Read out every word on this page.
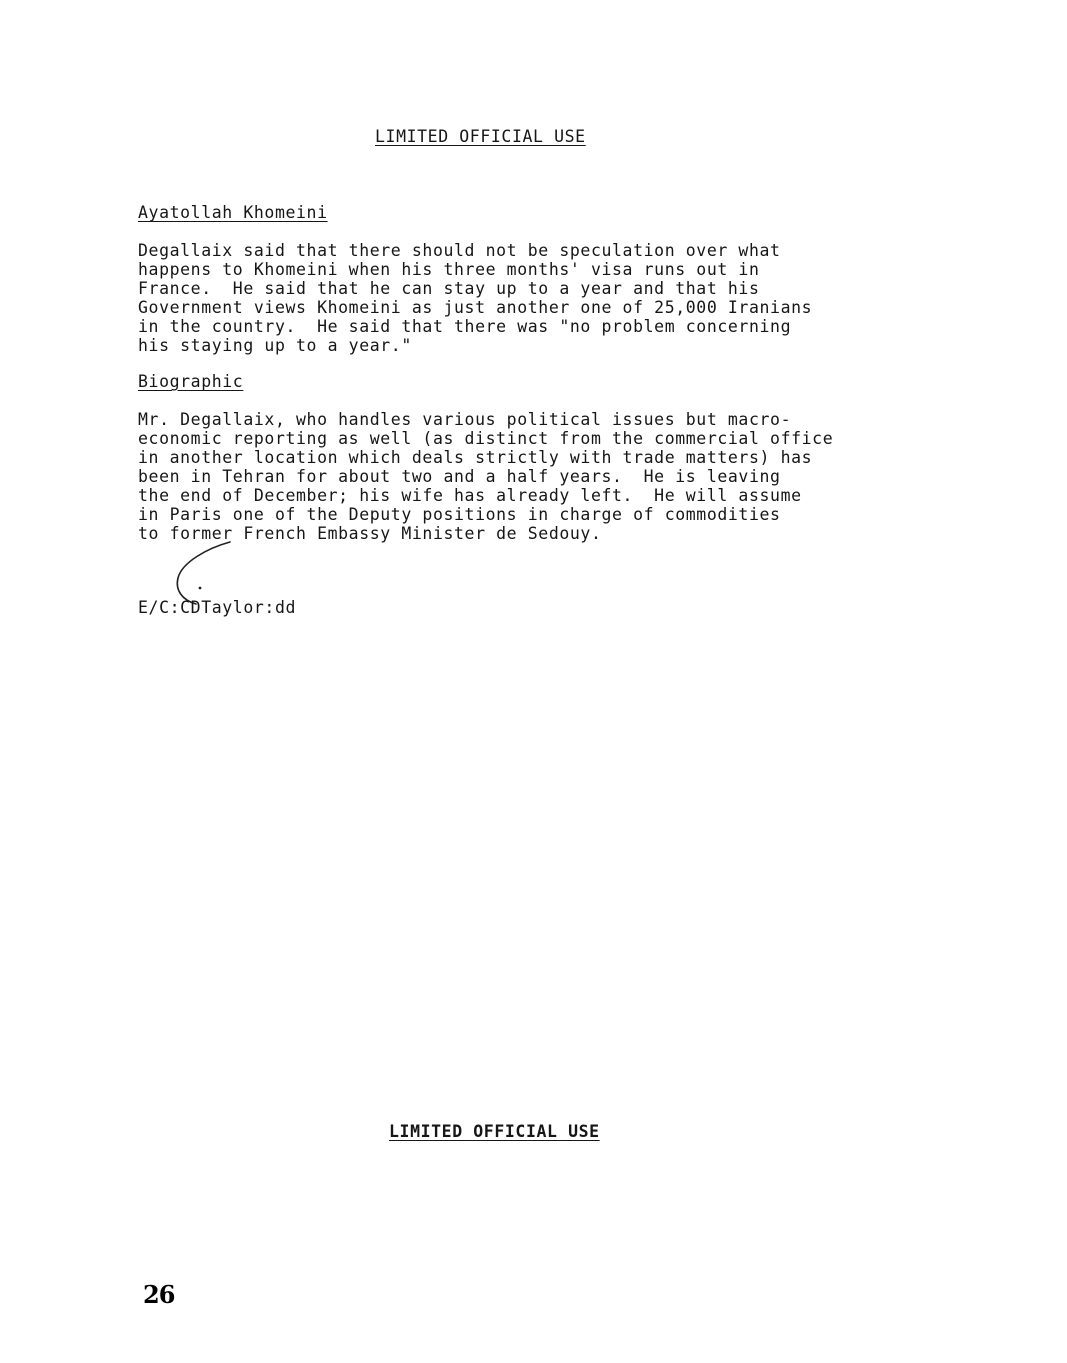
LIMITED OFFICIAL USE
Ayatollah Khomeini
Degallaix said that there should not be speculation over what
happens to Khomeini when his three months' visa runs out in
France.  He said that he can stay up to a year and that his
Government views Khomeini as just another one of 25,000 Iranians
in the country.  He said that there was "no problem concerning
his staying up to a year."
Biographic
Mr. Degallaix, who handles various political issues but macro-
economic reporting as well (as distinct from the commercial office
in another location which deals strictly with trade matters) has
been in Tehran for about two and a half years.  He is leaving
the end of December; his wife has already left.  He will assume
in Paris one of the Deputy positions in charge of commodities
to former French Embassy Minister de Sedouy.
E/C:CDTaylor:dd
LIMITED OFFICIAL USE
26
